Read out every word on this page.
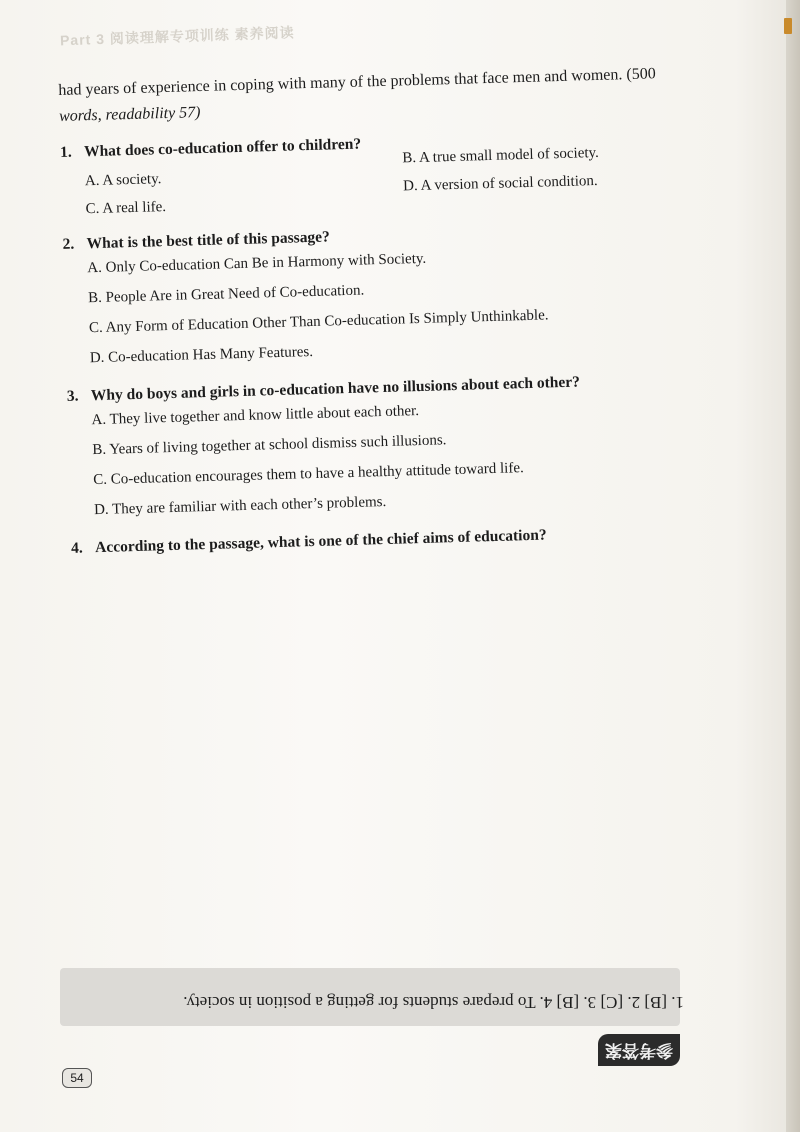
Part 3 阅读理解专项训练 素养阅读

had years of experience in coping with many of the problems that face men and women. (500
words, readability 57)

1. What does co-education offer to children?
A. A society.
B. A true small model of society.
C. A real life.
D. A version of social condition.
2. What is the best title of this passage?
A. Only Co-education Can Be in Harmony with Society.
B. People Are in Great Need of Co-education.
C. Any Form of Education Other Than Co-education Is Simply Unthinkable.
D. Co-education Has Many Features.
3. Why do boys and girls in co-education have no illusions about each other?
A. They live together and know little about each other.
B. Years of living together at school dismiss such illusions.
C. Co-education encourages them to have a healthy attitude toward life.
D. They are familiar with each other’s problems.
4. According to the passage, what is one of the chief aims of education?
1. [B] 2. [C] 3. [B] 4. To prepare students for getting a position in society.
参考答案
54
